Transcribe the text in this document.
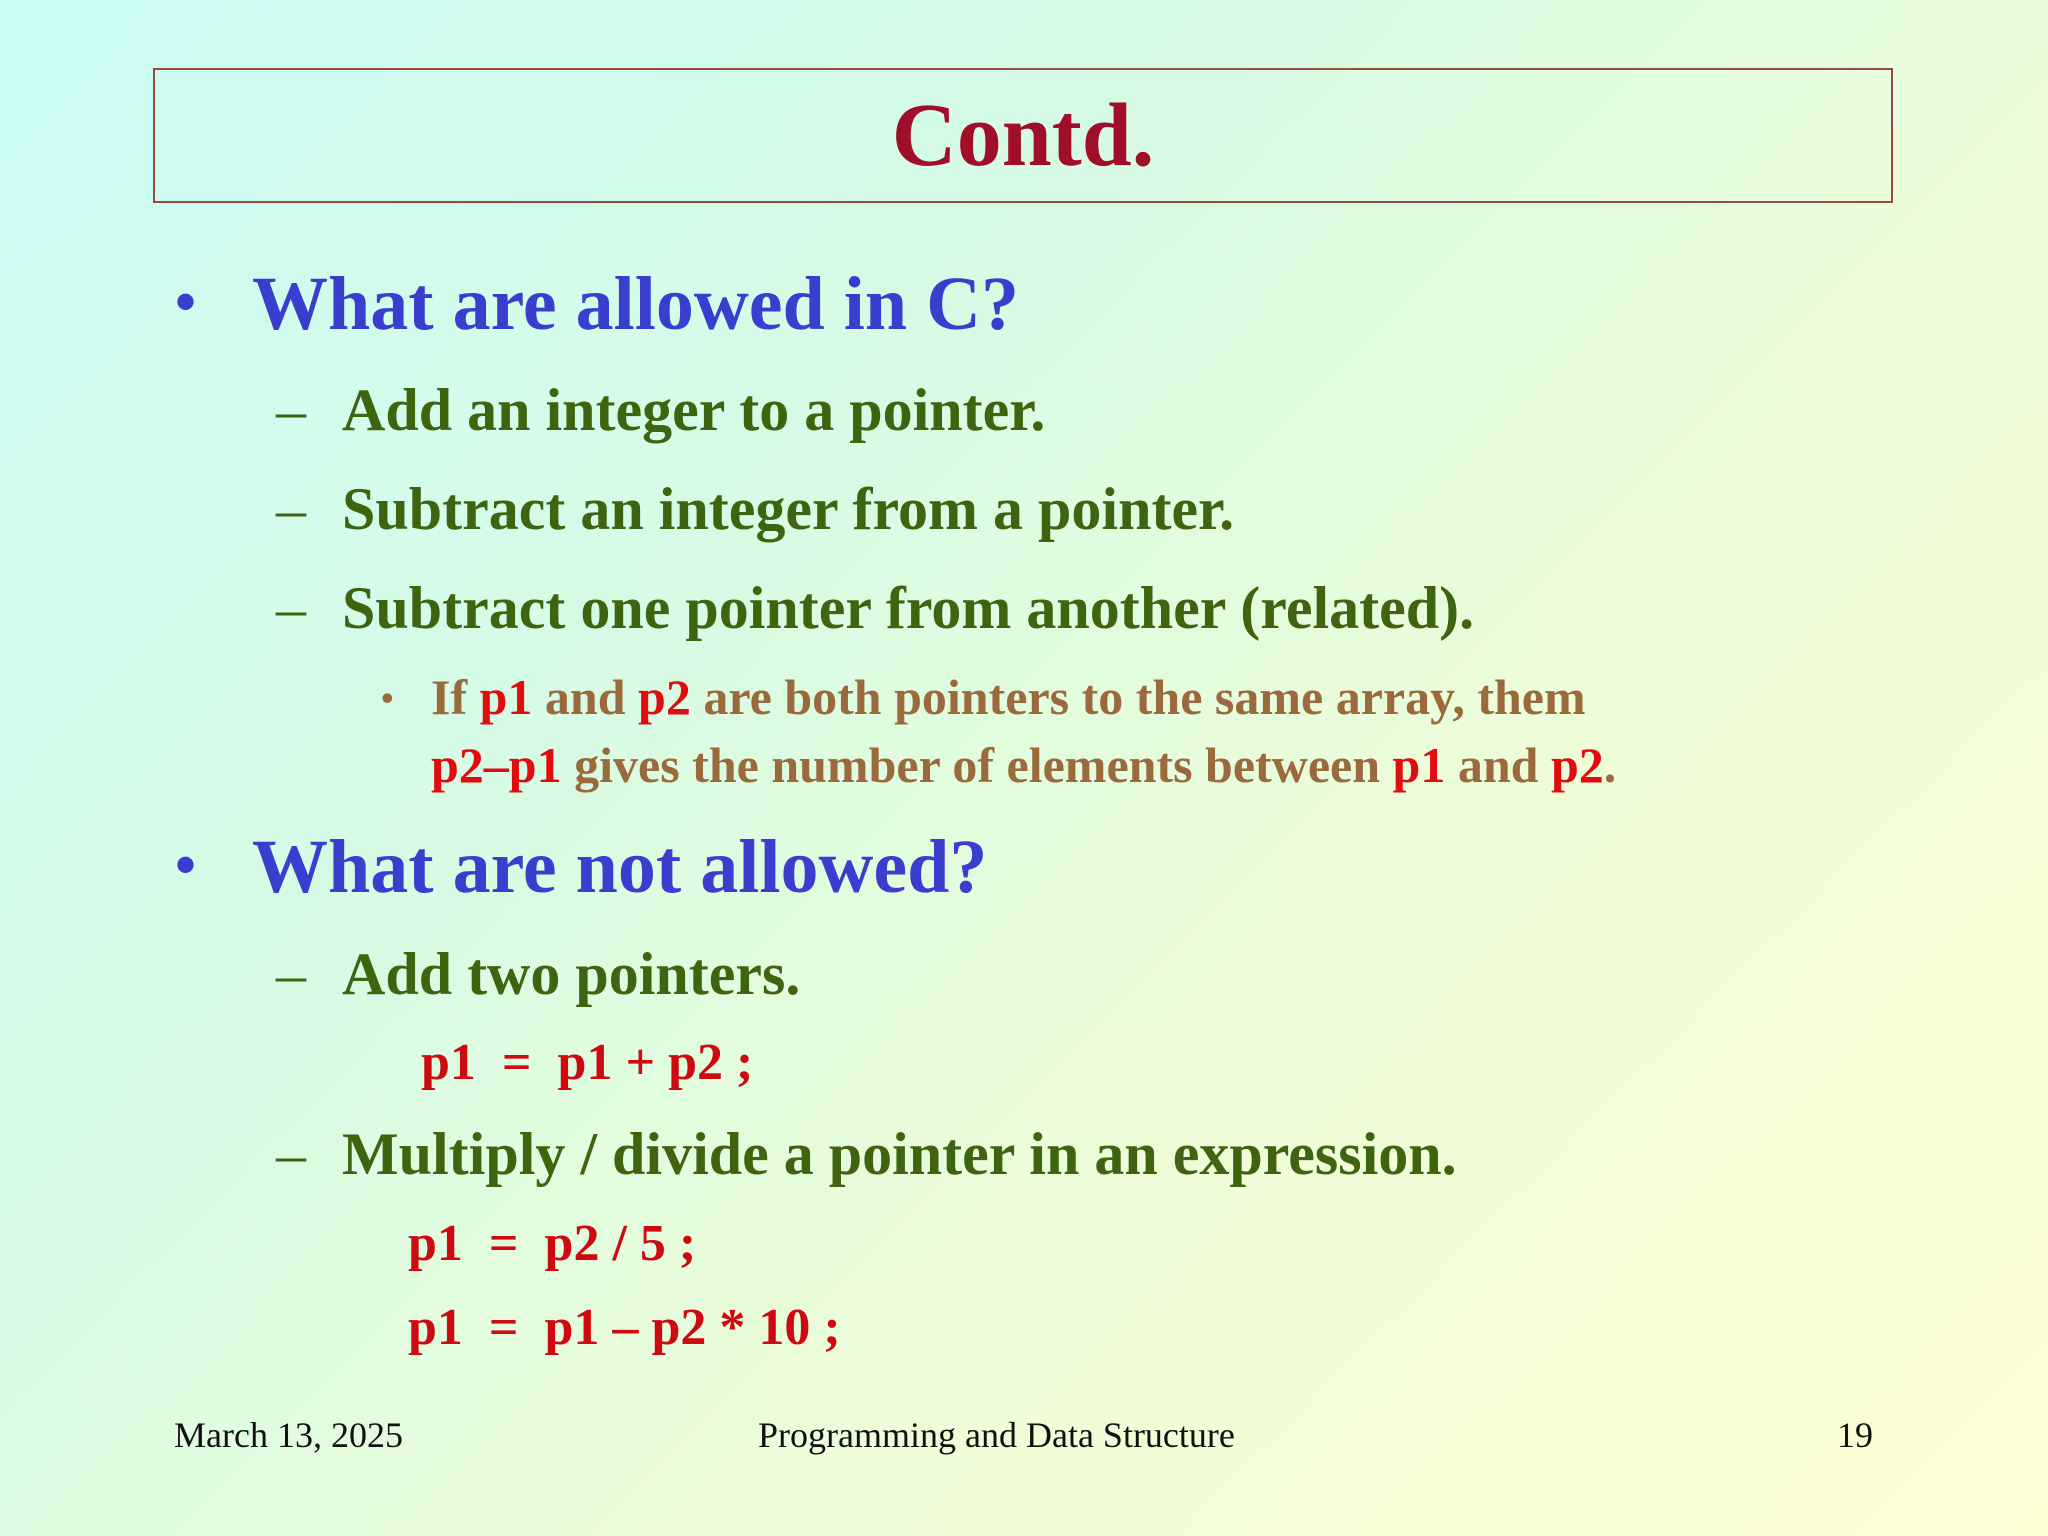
Contd.
• What are allowed in C?
– Add an integer to a pointer.
– Subtract an integer from a pointer.
– Subtract one pointer from another (related).
• If p1 and p2 are both pointers to the same array, them
p2–p1 gives the number of elements between p1 and p2.
• What are not allowed?
– Add two pointers.
p1  =  p1 + p2 ;
– Multiply / divide a pointer in an expression.
p1  =  p2 / 5 ;
p1  =  p1 – p2 * 10 ;
March 13, 2025	Programming and Data Structure	19
